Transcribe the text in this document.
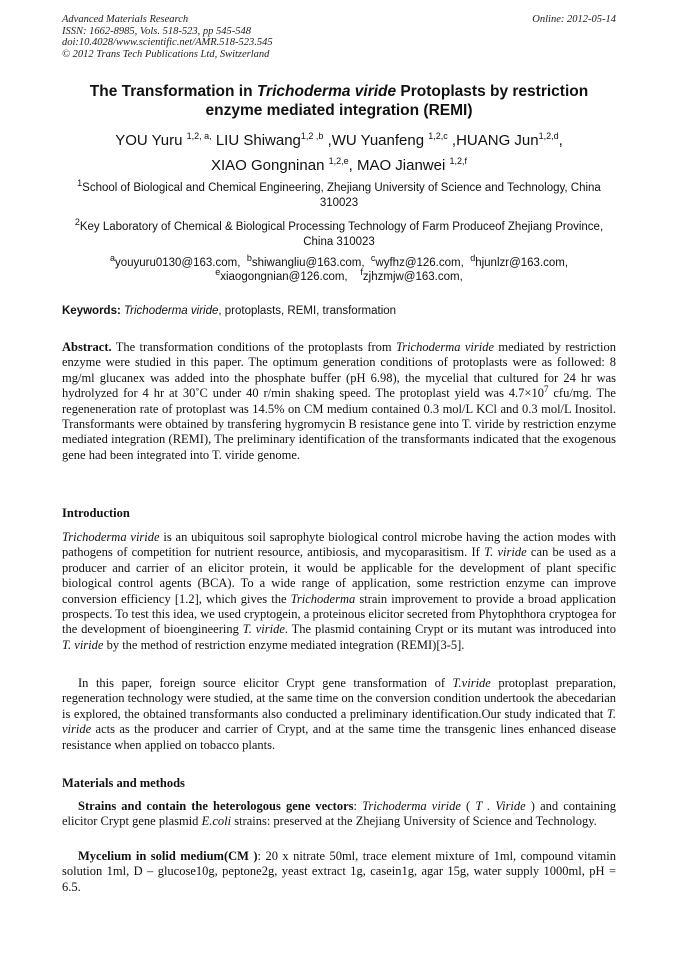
Advanced Materials Research
ISSN: 1662-8985, Vols. 518-523, pp 545-548
doi:10.4028/www.scientific.net/AMR.518-523.545
© 2012 Trans Tech Publications Ltd, Switzerland
Online: 2012-05-14
The Transformation in Trichoderma viride Protoplasts by restriction enzyme mediated integration (REMI)
YOU Yuru $^{1,2, a,}$ LIU Shiwang$^{1,2 ,b}$ ,WU Yuanfeng $^{1,2,c}$ ,HUANG Jun$^{1,2,d}$,
XIAO Gongninan $^{1,2,e}$, MAO Jianwei $^{1,2,f}$
$^1$School of Biological and Chemical Engineering, Zhejiang University of Science and Technology, China 310023
$^2$Key Laboratory of Chemical & Biological Processing Technology of Farm Produceof Zhejiang Province, China 310023
$^a$youyuru0130@163.com, $^b$shiwangliu@163.com, $^c$wyfhz@126.com, $^d$hjunlzr@163.com,
$^e$xiaogongnian@126.com, $^f$zjhzmjw@163.com,
Keywords: Trichoderma viride, protoplasts, REMI, transformation
Abstract. The transformation conditions of the protoplasts from Trichoderma viride mediated by restriction enzyme were studied in this paper. The optimum generation conditions of protoplasts were as followed: 8 mg/ml glucanex was added into the phosphate buffer (pH 6.98), the mycelial that cultured for 24 hr was hydrolyzed for 4 hr at 30˚C under 40 r/min shaking speed. The protoplast yield was $4.7\times 10^7$ cfu/mg. The regeneneration rate of protoplast was 14.5% on CM medium contained 0.3 mol/L KCl and 0.3 mol/L Inositol. Transformants were obtained by transfering hygromycin B resistance gene into T. viride by restriction enzyme mediated integration (REMI), The preliminary identification of the transformants indicated that the exogenous gene had been integrated into T. viride genome.
Introduction
Trichoderma viride is an ubiquitous soil saprophyte biological control microbe having the action modes with pathogens of competition for nutrient resource, antibiosis, and mycoparasitism. If T. viride can be used as a producer and carrier of an elicitor protein, it would be applicable for the development of plant specific biological control agents (BCA). To a wide range of application, some restriction enzyme can improve conversion efficiency [1.2], which gives the Trichoderma strain improvement to provide a broad application prospects. To test this idea, we used cryptogein, a proteinous elicitor secreted from Phytophthora cryptogea for the development of bioengineering T. viride. The plasmid containing Crypt or its mutant was introduced into T. viride by the method of restriction enzyme mediated integration (REMI)[3-5].
In this paper, foreign source elicitor Crypt gene transformation of T.viride protoplast preparation, regeneration technology were studied, at the same time on the conversion condition undertook the abecedarian is explored, the obtained transformants also conducted a preliminary identification.Our study indicated that T. viride acts as the producer and carrier of Crypt, and at the same time the transgenic lines enhanced disease resistance when applied on tobacco plants.
Materials and methods
Strains and contain the heterologous gene vectors: Trichoderma viride ( T . Viride ) and containing elicitor Crypt gene plasmid E.coli strains: preserved at the Zhejiang University of Science and Technology.
Mycelium in solid medium(CM ): 20 x nitrate 50ml, trace element mixture of 1ml, compound vitamin solution 1ml, D – glucose10g, peptone2g, yeast extract 1g, casein1g, agar 15g, water supply 1000ml, pH = 6.5.
